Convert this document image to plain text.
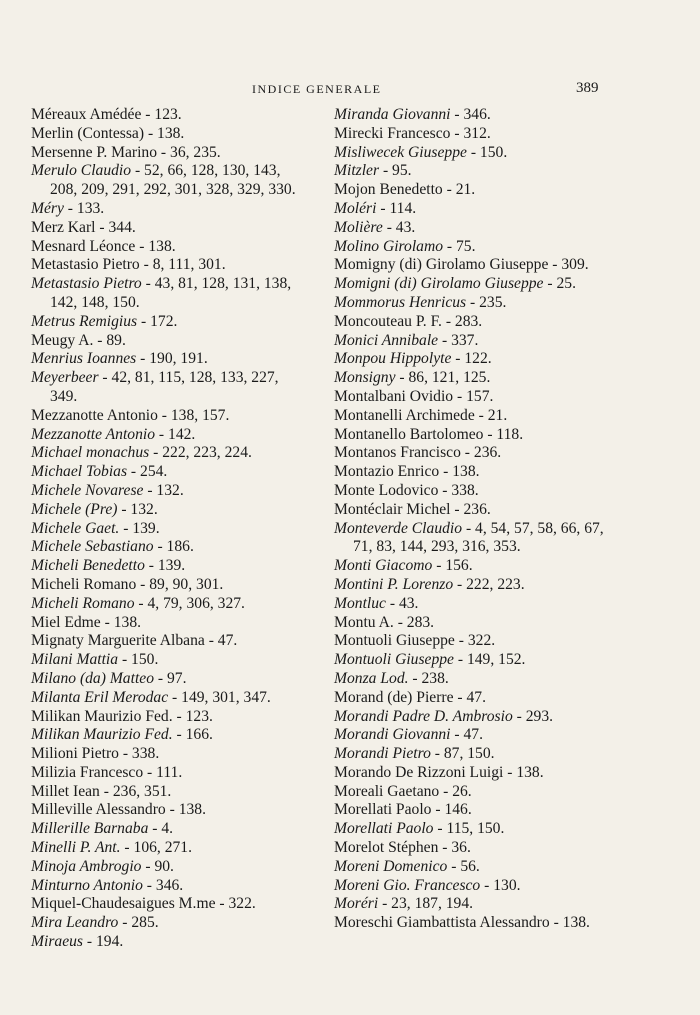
INDICE GENERALE	389
Méreaux Amédée - 123.
Merlin (Contessa) - 138.
Mersenne P. Marino - 36, 235.
Merulo Claudio - 52, 66, 128, 130, 143, 208, 209, 291, 292, 301, 328, 329, 330.
Méry - 133.
Merz Karl - 344.
Mesnard Léonce - 138.
Metastasio Pietro - 8, 111, 301.
Metastasio Pietro - 43, 81, 128, 131, 138, 142, 148, 150.
Metrus Remigius - 172.
Meugy A. - 89.
Menrius Ioannes - 190, 191.
Meyerbeer - 42, 81, 115, 128, 133, 227, 349.
Mezzanotte Antonio - 138, 157.
Mezzanotte Antonio - 142.
Michael monachus - 222, 223, 224.
Michael Tobias - 254.
Michele Novarese - 132.
Michele (Pre) - 132.
Michele Gaet. - 139.
Michele Sebastiano - 186.
Micheli Benedetto - 139.
Micheli Romano - 89, 90, 301.
Micheli Romano - 4, 79, 306, 327.
Miel Edme - 138.
Mignaty Marguerite Albana - 47.
Milani Mattia - 150.
Milano (da) Matteo - 97.
Milanta Eril Merodac - 149, 301, 347.
Milikan Maurizio Fed. - 123.
Milikan Maurizio Fed. - 166.
Milioni Pietro - 338.
Milizia Francesco - 111.
Millet Iean - 236, 351.
Milleville Alessandro - 138.
Millerille Barnaba - 4.
Minelli P. Ant. - 106, 271.
Minoja Ambrogio - 90.
Minturno Antonio - 346.
Miquel-Chaudesaigues M.me - 322.
Mira Leandro - 285.
Miraeus - 194.
Miranda Giovanni - 346.
Mirecki Francesco - 312.
Misliwecek Giuseppe - 150.
Mitzler - 95.
Mojon Benedetto - 21.
Moléri - 114.
Molière - 43.
Molino Girolamo - 75.
Momigny (di) Girolamo Giuseppe - 309.
Momigni (di) Girolamo Giuseppe - 25.
Mommorus Henricus - 235.
Moncouteau P. F. - 283.
Monici Annibale - 337.
Monpou Hippolyte - 122.
Monsigny - 86, 121, 125.
Montalbani Ovidio - 157.
Montanelli Archimede - 21.
Montanello Bartolomeo - 118.
Montanos Francisco - 236.
Montazio Enrico - 138.
Monte Lodovico - 338.
Montéclair Michel - 236.
Monteverde Claudio - 4, 54, 57, 58, 66, 67, 71, 83, 144, 293, 316, 353.
Monti Giacomo - 156.
Montini P. Lorenzo - 222, 223.
Montluc - 43.
Montu A. - 283.
Montuoli Giuseppe - 322.
Montuoli Giuseppe - 149, 152.
Monza Lod. - 238.
Morand (de) Pierre - 47.
Morandi Padre D. Ambrosio - 293.
Morandi Giovanni - 47.
Morandi Pietro - 87, 150.
Morando De Rizzoni Luigi - 138.
Moreali Gaetano - 26.
Morellati Paolo - 146.
Morellati Paolo - 115, 150.
Morelot Stéphen - 36.
Moreni Domenico - 56.
Moreni Gio. Francesco - 130.
Moréri - 23, 187, 194.
Moreschi Giambattista Alessandro - 138.
